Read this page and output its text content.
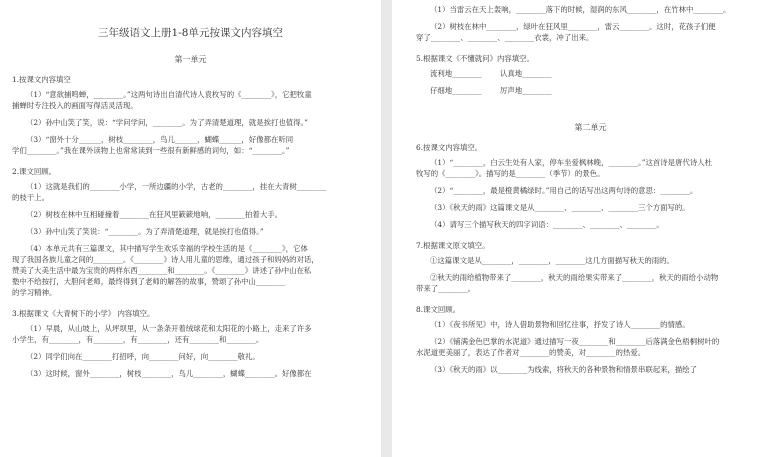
三年级语文上册1-8单元按课文内容填空
第一单元

1.按课文内容填空

（1）“意欲捕鸣蝉，________。”这两句诗出自清代诗人袁枚写的《________》，它把牧童

捕蝉时专注投入的画面写得活灵活现。

（2）孙中山笑了笑，说：“学问学问，________。为了弄清楚道理，就是挨打也值得。”

（3）“窗外十分______，树枝________，鸟儿______，蝴蝶______，好像都在听同

学们________。”我在课外读物上也常常读到一些很有新鲜感的词句，如：“________。”

2.课文回顾。

（1）这就是我们的________小学，一所边疆的小学，古老的________，挂在大青树________

的枝干上。

（2）树枝在林中互相碰撞着________在狂风里簌簌地响，________拍着大手。

（3）孙中山笑了笑说：“________。为了弄清楚道理，就是挨打也值得。”

（4）本单元共有三篇课文，其中描写学生欢乐幸福的学校生活的是《________》，它体

现了我国各族儿童之间的________。《________》诗人用儿童的思维，通过孩子和妈妈的对话，

赞美了大美生活中最为宝贵的两样东西________和________。《________》讲述了孙中山在私

塾中不给按打，大胆问老师，最终得到了老师的解答的故事，赞颂了孙中山________

的学习精神。

3.根据课文《大青树下的小学》 内容填空。

（1）早晨，从山坡上，从坪坝里，从一条条开着绒球花和太阳花的小路上，走来了许多

小学生，有________，有________，有________，还有________和________。

（2）同学们向在________打招呼，向________问好，向________敬礼。

（3）这时候，窗外________，树枝________，鸟儿________，蝴蝶________。好像都在

（1）当雷云在天上轰响，________落下的时候，湿润的东风________，在竹林中________。

（2）树枝在林中________，绿叶在狂风里________，雷云________。这时，花孩子们便

穿了________、________、________衣裳，冲了出来。

5.根据课文《不懂就问》内容填空。

流利地________ 认真地________
仔细地________ 厉声地________
第二单元

6.按课文内容填空。

（1）“________，白云生处有人家，停车坐爱枫林晚，________。”这首诗是唐代诗人杜

牧写的《________》。描写的是________（季节）的景色。

（2）“________，最是橙黄橘绿时。”用自己的话写出这两句诗的意思：________。

（3）《秋天的雨》这篇课文是从________、________、________三个方面写的。

（4）请写三个描写秋天的四字词语：________、________、________。

7.根据课文原文填空。

①这篇课文是从________，________，________这几方面描写秋天的雨的。

②秋天的雨给植物带来了________，秋天的雨给果实带来了________，秋天的雨给小动物

带来了________。

8.课文回顾。

（1）《夜书所见》中，诗人借助景物和回忆往事，抒发了诗人________的情感。

（2）《铺满金色巴掌的水泥道》通过描写一夜________和________后落满金色梧桐树叶的

水泥道更美丽了，表达了作者对________的赞美，对________的热爱。

（3）《秋天的雨》以________为线索，将秋天的各种景物和情景串联起来，描绘了
